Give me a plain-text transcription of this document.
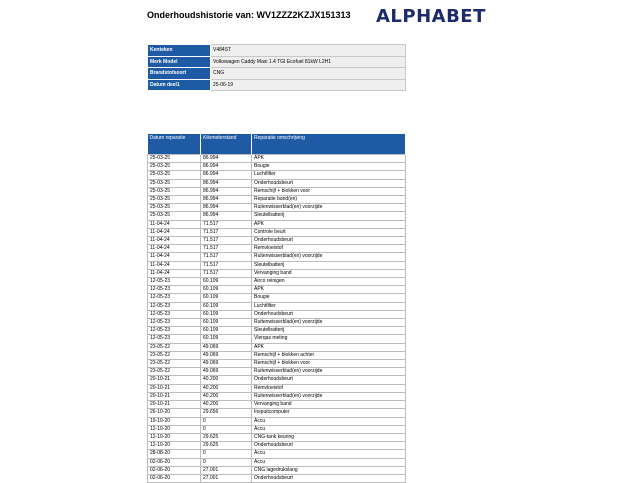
Onderhoudshistorie van: WV1ZZZ2KZJX151313 ALPHABET
Kenteken	V484ST
Merk Model	Volkswagen Caddy Maxi 1.4 TGI Ecofuel 81kW L2H1
Brandstofsoort	CNG
Datum deel1	25-06-19
Datum reparatie	Kilometerstand	Reparatie omschrijving
25-03-25	86.994	APK
25-03-25	86.994	Bougie
25-03-25	86.994	Luchtfilter
25-03-25	86.994	Onderhoudsbeurt
25-03-25	86.994	Remschijf + blokken voor
25-03-25	86.994	Reparatie band(en)
25-03-25	86.994	Ruitenwisserblad(en) voorzijde
25-03-25	86.994	Sleutelbatterij
11-04-24	71.517	APK
11-04-24	71.517	Controle beurt
11-04-24	71.517	Onderhoudsbeurt
11-04-24	71.517	Remvloeistof
11-04-24	71.517	Ruitenwisserblad(en) voorzijde
11-04-24	71.517	Sleutelbatterij
11-04-24	71.517	Vervanging band
12-05-23	60.109	Airco reinigen
12-05-23	60.109	APK
12-05-23	60.109	Bougie
12-05-23	60.109	Luchtfilter
12-05-23	60.109	Onderhoudsbeurt
12-05-23	60.109	Ruitenwisserblad(en) voorzijde
12-05-23	60.109	Sleutelbatterij
12-05-23	60.109	Vlerqas meting
23-05-22	49.069	APK
23-05-22	49.069	Remschijf + blokken achter
23-05-22	49.069	Remschijf + blokken voor
23-05-22	49.069	Ruitenwisserblad(en) voorzijde
20-10-21	40.200	Onderhoudsbeurt
20-10-21	40.200	Remvloeistof
20-10-21	40.200	Ruitenwisserblad(en) voorzijde
20-10-21	40.200	Vervanging band
26-10-20	29.656	Inspuitcomputer
19-10-20	0	Accu
12-10-20	0	Accu
12-10-20	29.625	CNG-tank keuring
12-10-20	29.625	Onderhoudsbeurt
28-08-20	0	Accu
02-06-20	0	Accu
02-06-20	27.001	CNG lagedrukslang
02-06-20	27.001	Onderhoudsbeurt
